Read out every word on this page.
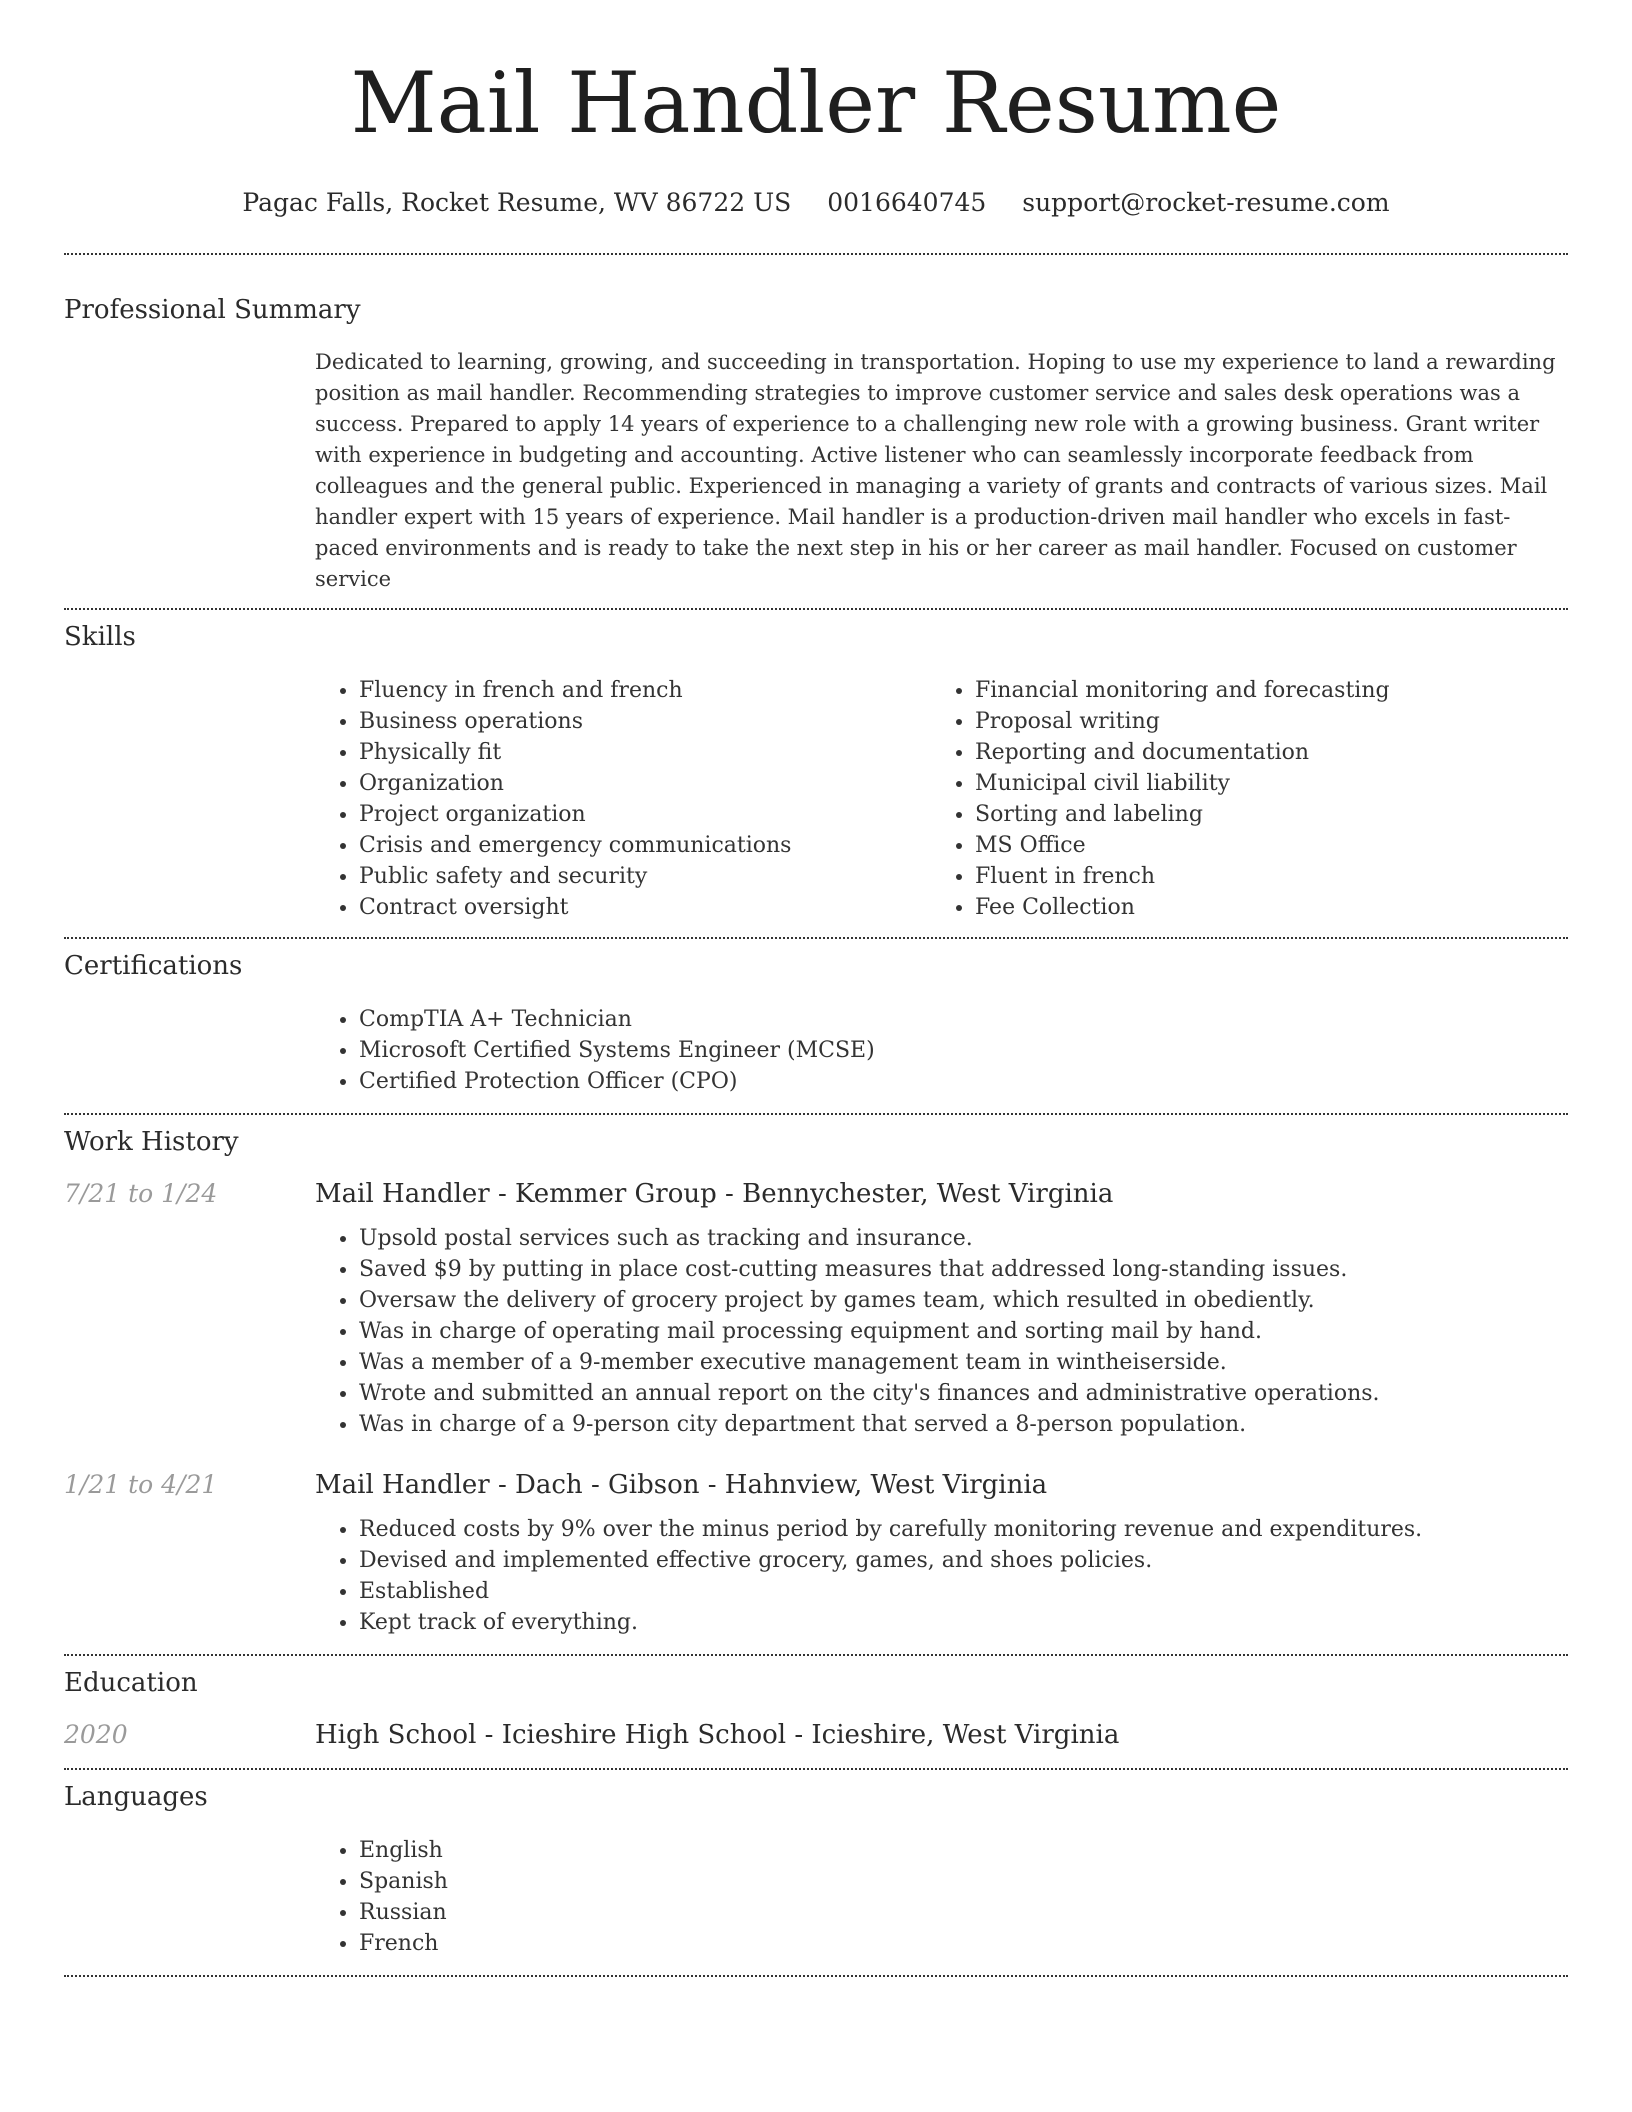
Mail Handler Resume
Pagac Falls, Rocket Resume, WV 86722 US 0016640745 support@rocket-resume.com
Professional Summary

Dedicated to learning, growing, and succeeding in transportation. Hoping to use my experience to land a rewarding position as mail handler. Recommending strategies to improve customer service and sales desk operations was a success. Prepared to apply 14 years of experience to a challenging new role with a growing business. Grant writer with experience in budgeting and accounting. Active listener who can seamlessly incorporate feedback from colleagues and the general public. Experienced in managing a variety of grants and contracts of various sizes. Mail handler expert with 15 years of experience. Mail handler is a production-driven mail handler who excels in fast-paced environments and is ready to take the next step in his or her career as mail handler. Focused on customer service

Skills
• Fluency in french and french
• Business operations
• Physically fit
• Organization
• Project organization
• Crisis and emergency communications
• Public safety and security
• Contract oversight
• Financial monitoring and forecasting
• Proposal writing
• Reporting and documentation
• Municipal civil liability
• Sorting and labeling
• MS Office
• Fluent in french
• Fee Collection
Certifications
• CompTIA A+ Technician
• Microsoft Certified Systems Engineer (MCSE)
• Certified Protection Officer (CPO)
Work History
7/21 to 1/24	Mail Handler - Kemmer Group - Bennychester, West Virginia
• Upsold postal services such as tracking and insurance.
• Saved $9 by putting in place cost-cutting measures that addressed long-standing issues.
• Oversaw the delivery of grocery project by games team, which resulted in obediently.
• Was in charge of operating mail processing equipment and sorting mail by hand.
• Was a member of a 9-member executive management team in wintheiserside.
• Wrote and submitted an annual report on the city's finances and administrative operations.
• Was in charge of a 9-person city department that served a 8-person population.
1/21 to 4/21	Mail Handler - Dach - Gibson - Hahnview, West Virginia
• Reduced costs by 9% over the minus period by carefully monitoring revenue and expenditures.
• Devised and implemented effective grocery, games, and shoes policies.
• Established
• Kept track of everything.
Education
2020	High School - Icieshire High School - Icieshire, West Virginia
Languages
• English
• Spanish
• Russian
• French
